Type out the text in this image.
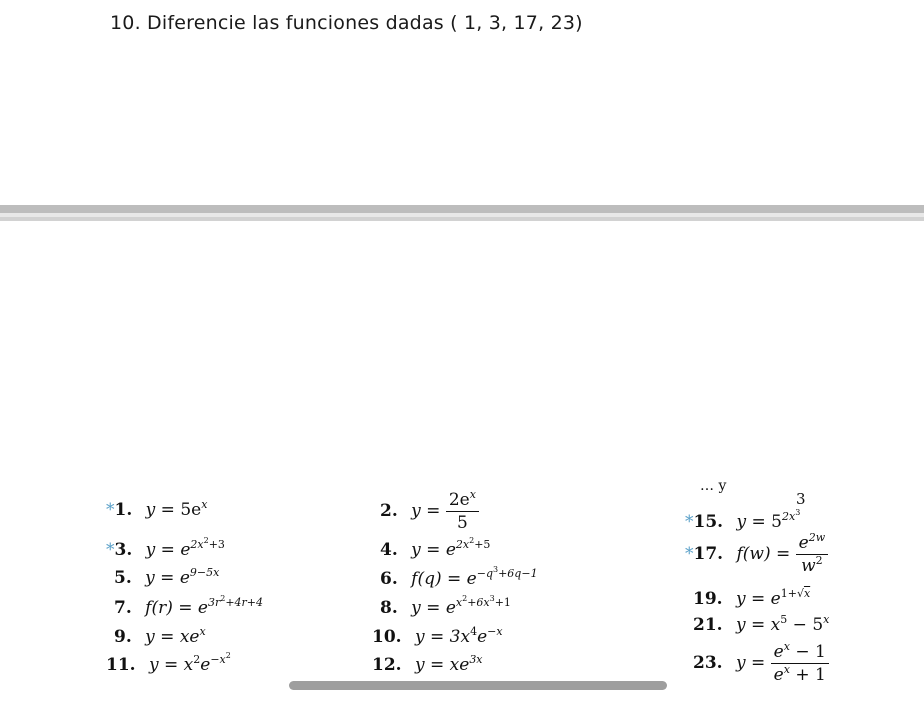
10. Diferencie las funciones dadas ( 1, 3, 17, 23)
… y
3
*1. $y = 5e^x$
*3. $y = e^{2x^2+3}$
5. $y = e^{9-5x}$
7. $f(r) = e^{3r^2+4r+4}$
9. $y = xe^x$
11. $y = x^2e^{-x^2}$
2. $y = \frac{2e^x}{5}$
4. $y = e^{2x^2+5}$
6. $f(q) = e^{-q^3+6q-1}$
8. $y = e^{x^2+6x^3+1}$
10. $y = 3x^4e^{-x}$
12. $y = xe^{3x}$
*15. $y = 5^{2x^3}$
*17. $f(w) = \frac{e^{2w}}{w^2}$
19. $y = e^{1+√x}$
21. $y = x^5 - 5^x$
23. $y = \frac{e^x - 1}{e^x + 1}$
